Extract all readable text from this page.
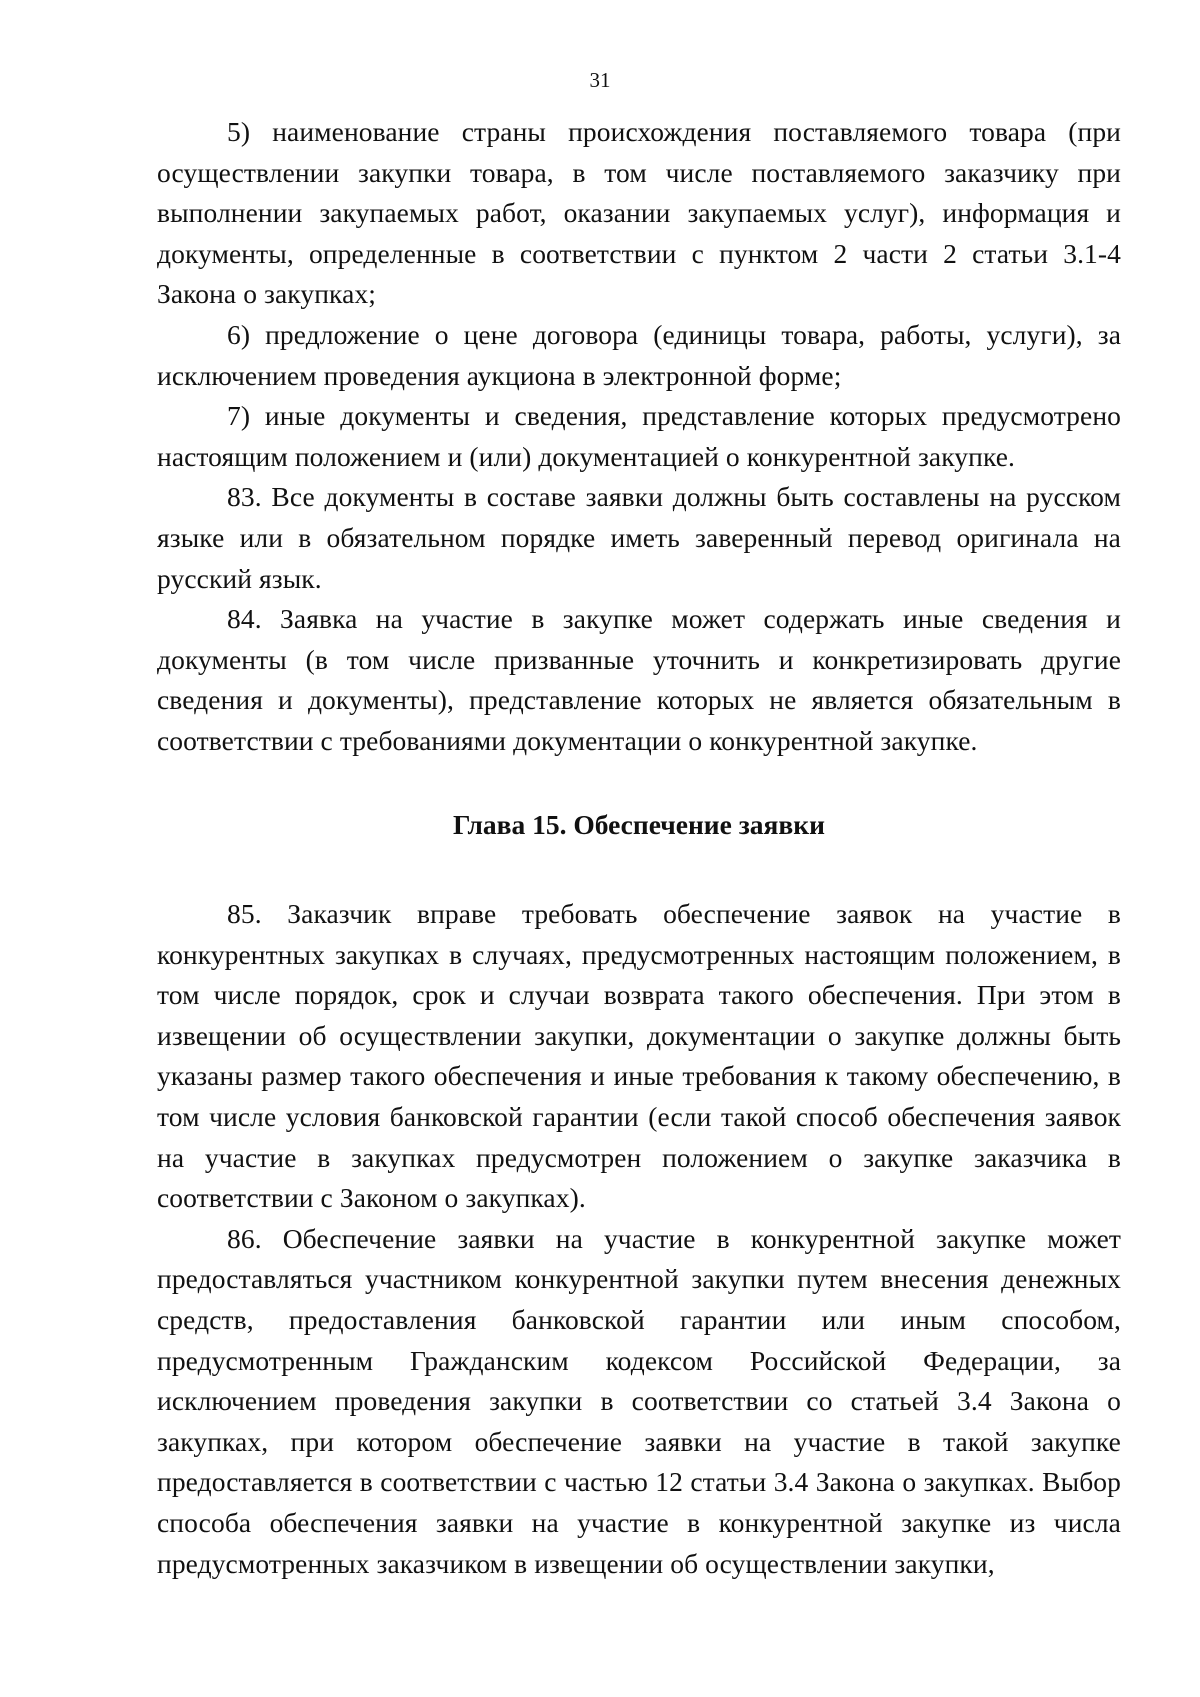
31

5) наименование страны происхождения поставляемого товара (при осуществлении закупки товара, в том числе поставляемого заказчику при выполнении закупаемых работ, оказании закупаемых услуг), информация и документы, определенные в соответствии с пунктом 2 части 2 статьи 3.1-4 Закона о закупках;

6) предложение о цене договора (единицы товара, работы, услуги), за исключением проведения аукциона в электронной форме;

7) иные документы и сведения, представление которых предусмотрено настоящим положением и (или) документацией о конкурентной закупке.

83. Все документы в составе заявки должны быть составлены на русском языке или в обязательном порядке иметь заверенный перевод оригинала на русский язык.

84. Заявка на участие в закупке может содержать иные сведения и документы (в том числе призванные уточнить и конкретизировать другие сведения и документы), представление которых не является обязательным в соответствии с требованиями документации о конкурентной закупке.

Глава 15. Обеспечение заявки

85. Заказчик вправе требовать обеспечение заявок на участие в конкурентных закупках в случаях, предусмотренных настоящим положением, в том числе порядок, срок и случаи возврата такого обеспечения. При этом в извещении об осуществлении закупки, документации о закупке должны быть указаны размер такого обеспечения и иные требования к такому обеспечению, в том числе условия банковской гарантии (если такой способ обеспечения заявок на участие в закупках предусмотрен положением о закупке заказчика в соответствии с Законом о закупках).

86. Обеспечение заявки на участие в конкурентной закупке может предоставляться участником конкурентной закупки путем внесения денежных средств, предоставления банковской гарантии или иным способом, предусмотренным Гражданским кодексом Российской Федерации, за исключением проведения закупки в соответствии со статьей 3.4 Закона о закупках, при котором обеспечение заявки на участие в такой закупке предоставляется в соответствии с частью 12 статьи 3.4 Закона о закупках. Выбор способа обеспечения заявки на участие в конкурентной закупке из числа предусмотренных заказчиком в извещении об осуществлении закупки,
